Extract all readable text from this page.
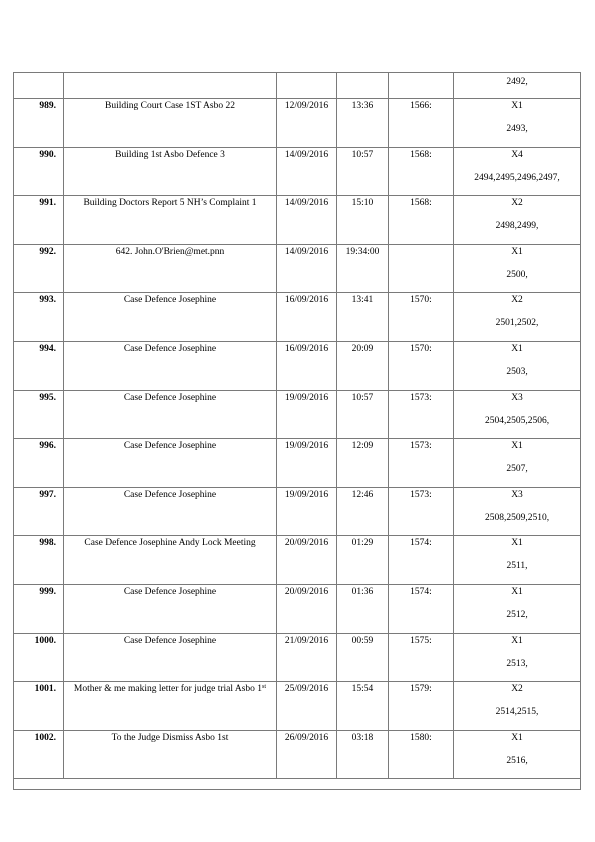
					2492,

989.	Building Court Case 1ST Asbo 22	12/09/2016	13:36	1566:	X1
2493,

990.	Building 1st Asbo Defence 3	14/09/2016	10:57	1568:	X4
2494,2495,2496,2497,

991.	Building Doctors Report 5 NH’s Complaint 1	14/09/2016	15:10	1568:	X2
2498,2499,

992.	642. John.O'Brien@met.pnn	14/09/2016	19:34:00		X1
2500,

993.	Case Defence Josephine	16/09/2016	13:41	1570:	X2
2501,2502,

994.	Case Defence Josephine	16/09/2016	20:09	1570:	X1
2503,

995.	Case Defence Josephine	19/09/2016	10:57	1573:	X3
2504,2505,2506,

996.	Case Defence Josephine	19/09/2016	12:09	1573:	X1
2507,

997.	Case Defence Josephine	19/09/2016	12:46	1573:	X3
2508,2509,2510,

998.	Case Defence Josephine Andy Lock Meeting	20/09/2016	01:29	1574:	X1
2511,

999.	Case Defence Josephine	20/09/2016	01:36	1574:	X1
2512,

1000.	Case Defence Josephine	21/09/2016	00:59	1575:	X1
2513,

1001.	Mother & me making letter for judge trial Asbo 1st	25/09/2016	15:54	1579:	X2
2514,2515,

1002.	To the Judge Dismiss Asbo 1st	26/09/2016	03:18	1580:	X1
2516,
